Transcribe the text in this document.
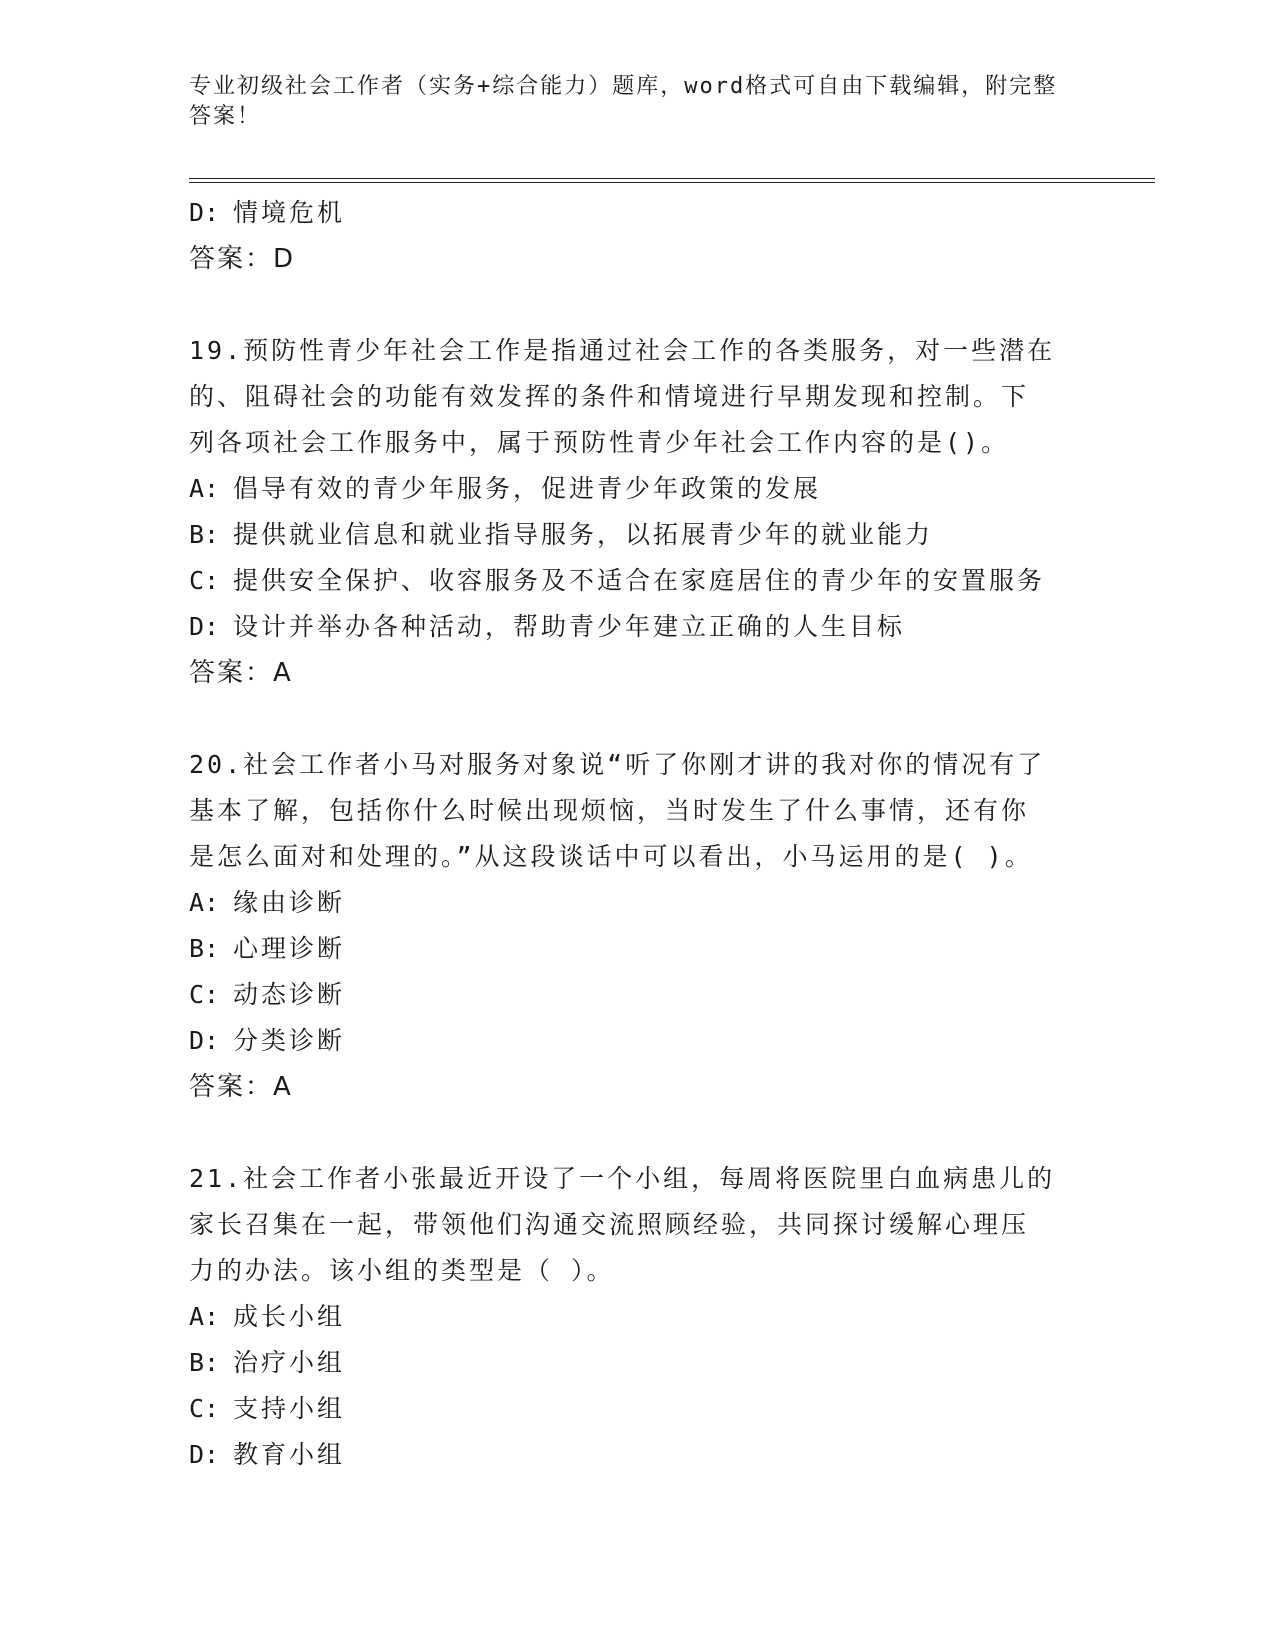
专业初级社会工作者（实务+综合能力）题库，word格式可自由下载编辑，附完整
答案！
D: 情境危机
答案：D
19.预防性青少年社会工作是指通过社会工作的各类服务，对一些潜在
的、阻碍社会的功能有效发挥的条件和情境进行早期发现和控制。下
列各项社会工作服务中，属于预防性青少年社会工作内容的是()。
A: 倡导有效的青少年服务，促进青少年政策的发展
B: 提供就业信息和就业指导服务，以拓展青少年的就业能力
C: 提供安全保护、收容服务及不适合在家庭居住的青少年的安置服务
D: 设计并举办各种活动，帮助青少年建立正确的人生目标
答案：A
20.社会工作者小马对服务对象说“听了你刚才讲的我对你的情况有了
基本了解，包括你什么时候出现烦恼，当时发生了什么事情，还有你
是怎么面对和处理的。”从这段谈话中可以看出，小马运用的是( )。
A: 缘由诊断
B: 心理诊断
C: 动态诊断
D: 分类诊断
答案：A
21.社会工作者小张最近开设了一个小组，每周将医院里白血病患儿的
家长召集在一起，带领他们沟通交流照顾经验，共同探讨缓解心理压
力的办法。该小组的类型是（ ）。
A: 成长小组
B: 治疗小组
C: 支持小组
D: 教育小组
